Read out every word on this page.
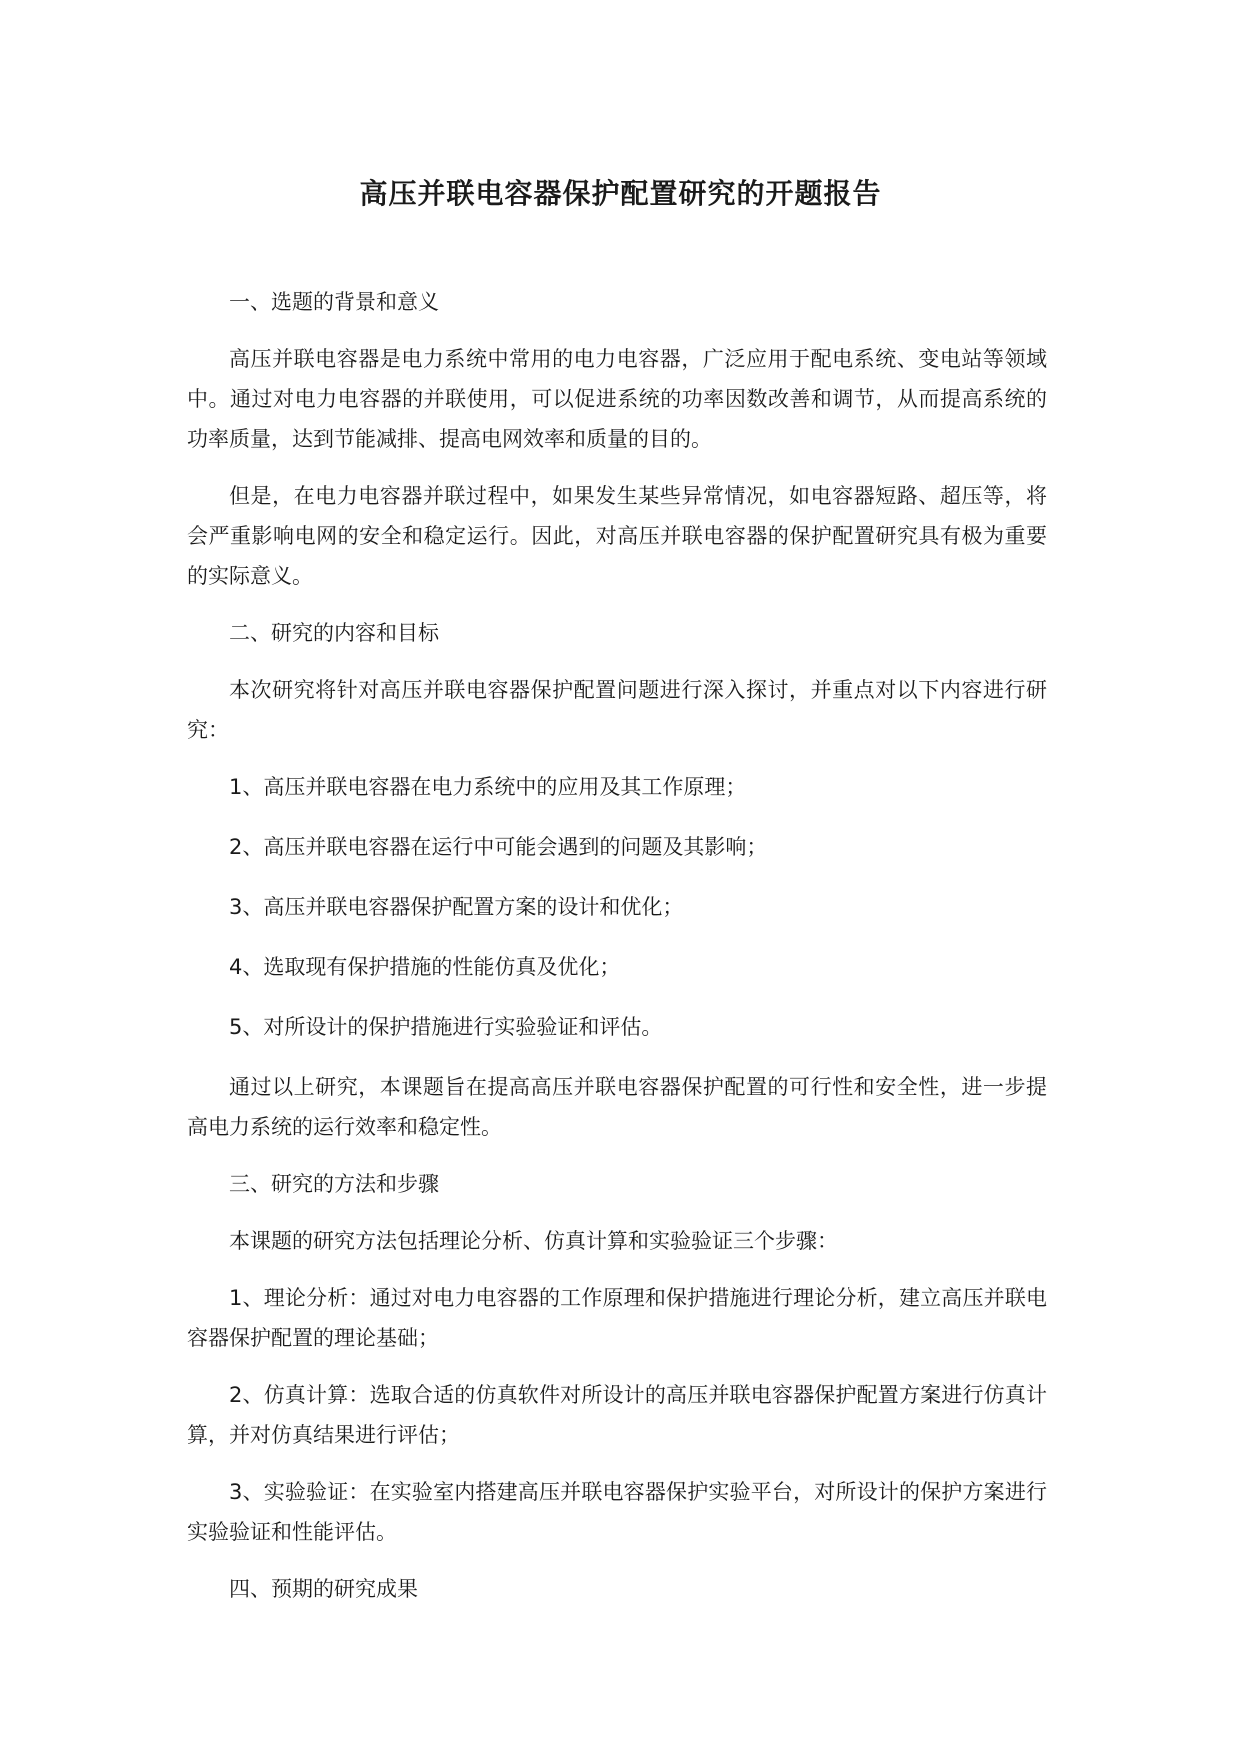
高压并联电容器保护配置研究的开题报告
一、选题的背景和意义
高压并联电容器是电力系统中常用的电力电容器，广泛应用于配电系统、变电站等领域中。通过对电力电容器的并联使用，可以促进系统的功率因数改善和调节，从而提高系统的功率质量，达到节能减排、提高电网效率和质量的目的。
但是，在电力电容器并联过程中，如果发生某些异常情况，如电容器短路、超压等，将会严重影响电网的安全和稳定运行。因此，对高压并联电容器的保护配置研究具有极为重要的实际意义。
二、研究的内容和目标
本次研究将针对高压并联电容器保护配置问题进行深入探讨，并重点对以下内容进行研究：
1、高压并联电容器在电力系统中的应用及其工作原理；
2、高压并联电容器在运行中可能会遇到的问题及其影响；
3、高压并联电容器保护配置方案的设计和优化；
4、选取现有保护措施的性能仿真及优化；
5、对所设计的保护措施进行实验验证和评估。
通过以上研究，本课题旨在提高高压并联电容器保护配置的可行性和安全性，进一步提高电力系统的运行效率和稳定性。
三、研究的方法和步骤
本课题的研究方法包括理论分析、仿真计算和实验验证三个步骤：
1、理论分析：通过对电力电容器的工作原理和保护措施进行理论分析，建立高压并联电容器保护配置的理论基础；
2、仿真计算：选取合适的仿真软件对所设计的高压并联电容器保护配置方案进行仿真计算，并对仿真结果进行评估；
3、实验验证：在实验室内搭建高压并联电容器保护实验平台，对所设计的保护方案进行实验验证和性能评估。
四、预期的研究成果
